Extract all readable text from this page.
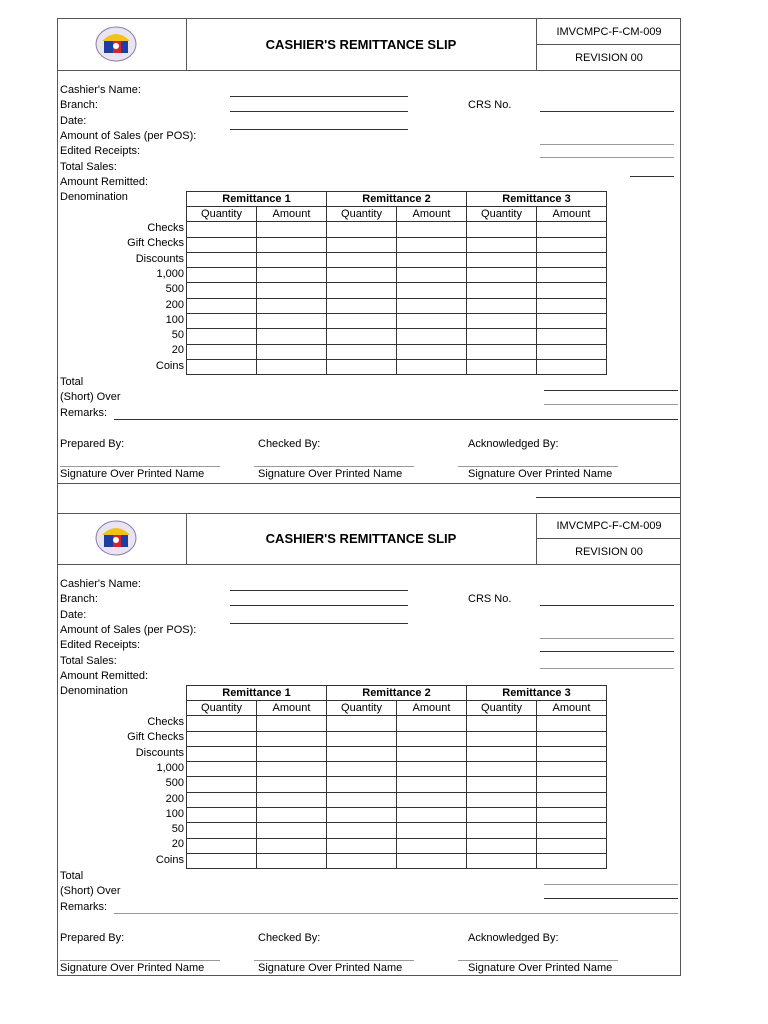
CASHIER'S REMITTANCE SLIP
IMVCMPC-F-CM-009
REVISION 00
Cashier's Name:
Branch:
Date:
Amount of Sales (per POS):
Edited Receipts:
Total Sales:
Amount Remitted:
Denomination
CRS No.
Remittance 1		Remittance 2		Remittance 3	
Quantity	Amount	Quantity	Amount	Quantity	Amount

Checks
Gift Checks
Discounts
1,000
500
200
100
50
20
Coins
Total
(Short) Over
Remarks:
Prepared By:	Checked By:	Acknowledged By:
Signature Over Printed Name	Signature Over Printed Name	Signature Over Printed Name
CASHIER'S REMITTANCE SLIP
IMVCMPC-F-CM-009
REVISION 00
Cashier's Name:
Branch:
Date:
Amount of Sales (per POS):
Edited Receipts:
Total Sales:
Amount Remitted:
Denomination
CRS No.
Remittance 1		Remittance 2		Remittance 3	
Quantity	Amount	Quantity	Amount	Quantity	Amount

Checks
Gift Checks
Discounts
1,000
500
200
100
50
20
Coins
Total
(Short) Over
Remarks:
Prepared By:	Checked By:	Acknowledged By:
Signature Over Printed Name	Signature Over Printed Name	Signature Over Printed Name
